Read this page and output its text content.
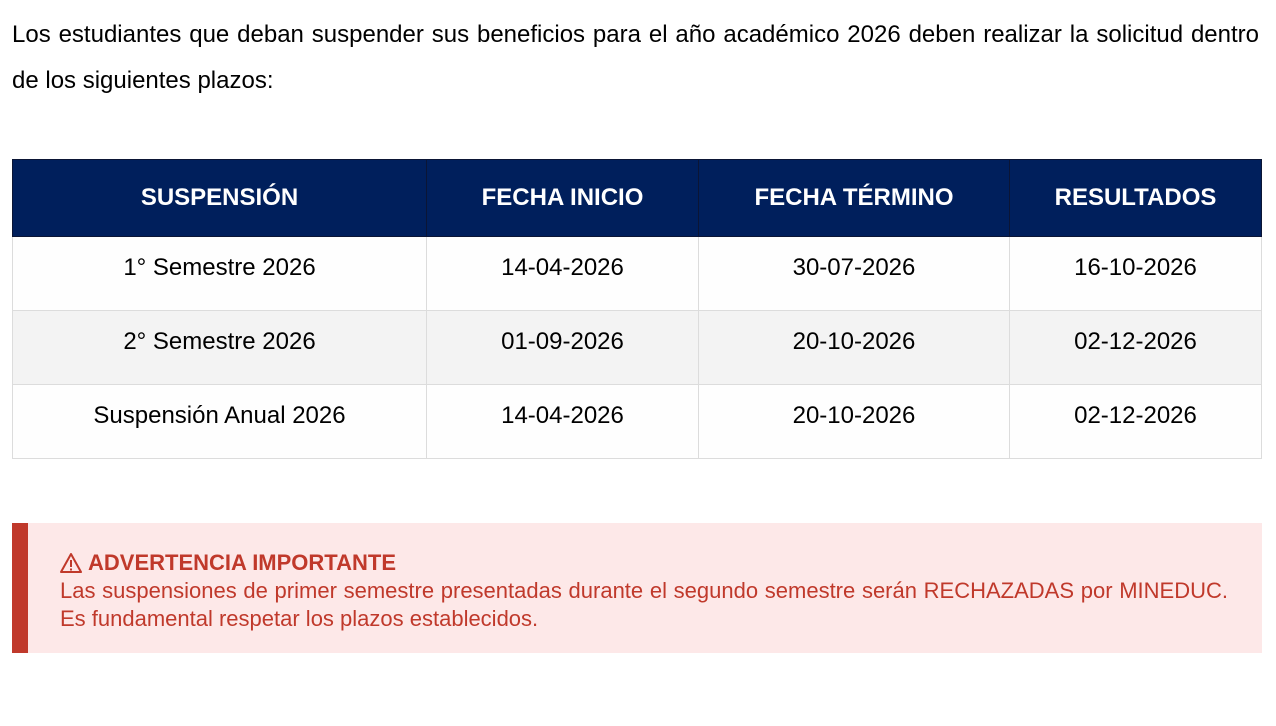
Los estudiantes que deban suspender sus beneficios para el año académico 2026 deben realizar la solicitud dentro de los siguientes plazos:

SUSPENSIÓN	FECHA INICIO	FECHA TÉRMINO	RESULTADOS
1° Semestre 2026	14-04-2026	30-07-2026	16-10-2026
2° Semestre 2026	01-09-2026	20-10-2026	02-12-2026
Suspensión Anual 2026	14-04-2026	20-10-2026	02-12-2026
ADVERTENCIA IMPORTANTE

Las suspensiones de primer semestre presentadas durante el segundo semestre serán RECHAZADAS por MINEDUC. Es fundamental respetar los plazos establecidos.
